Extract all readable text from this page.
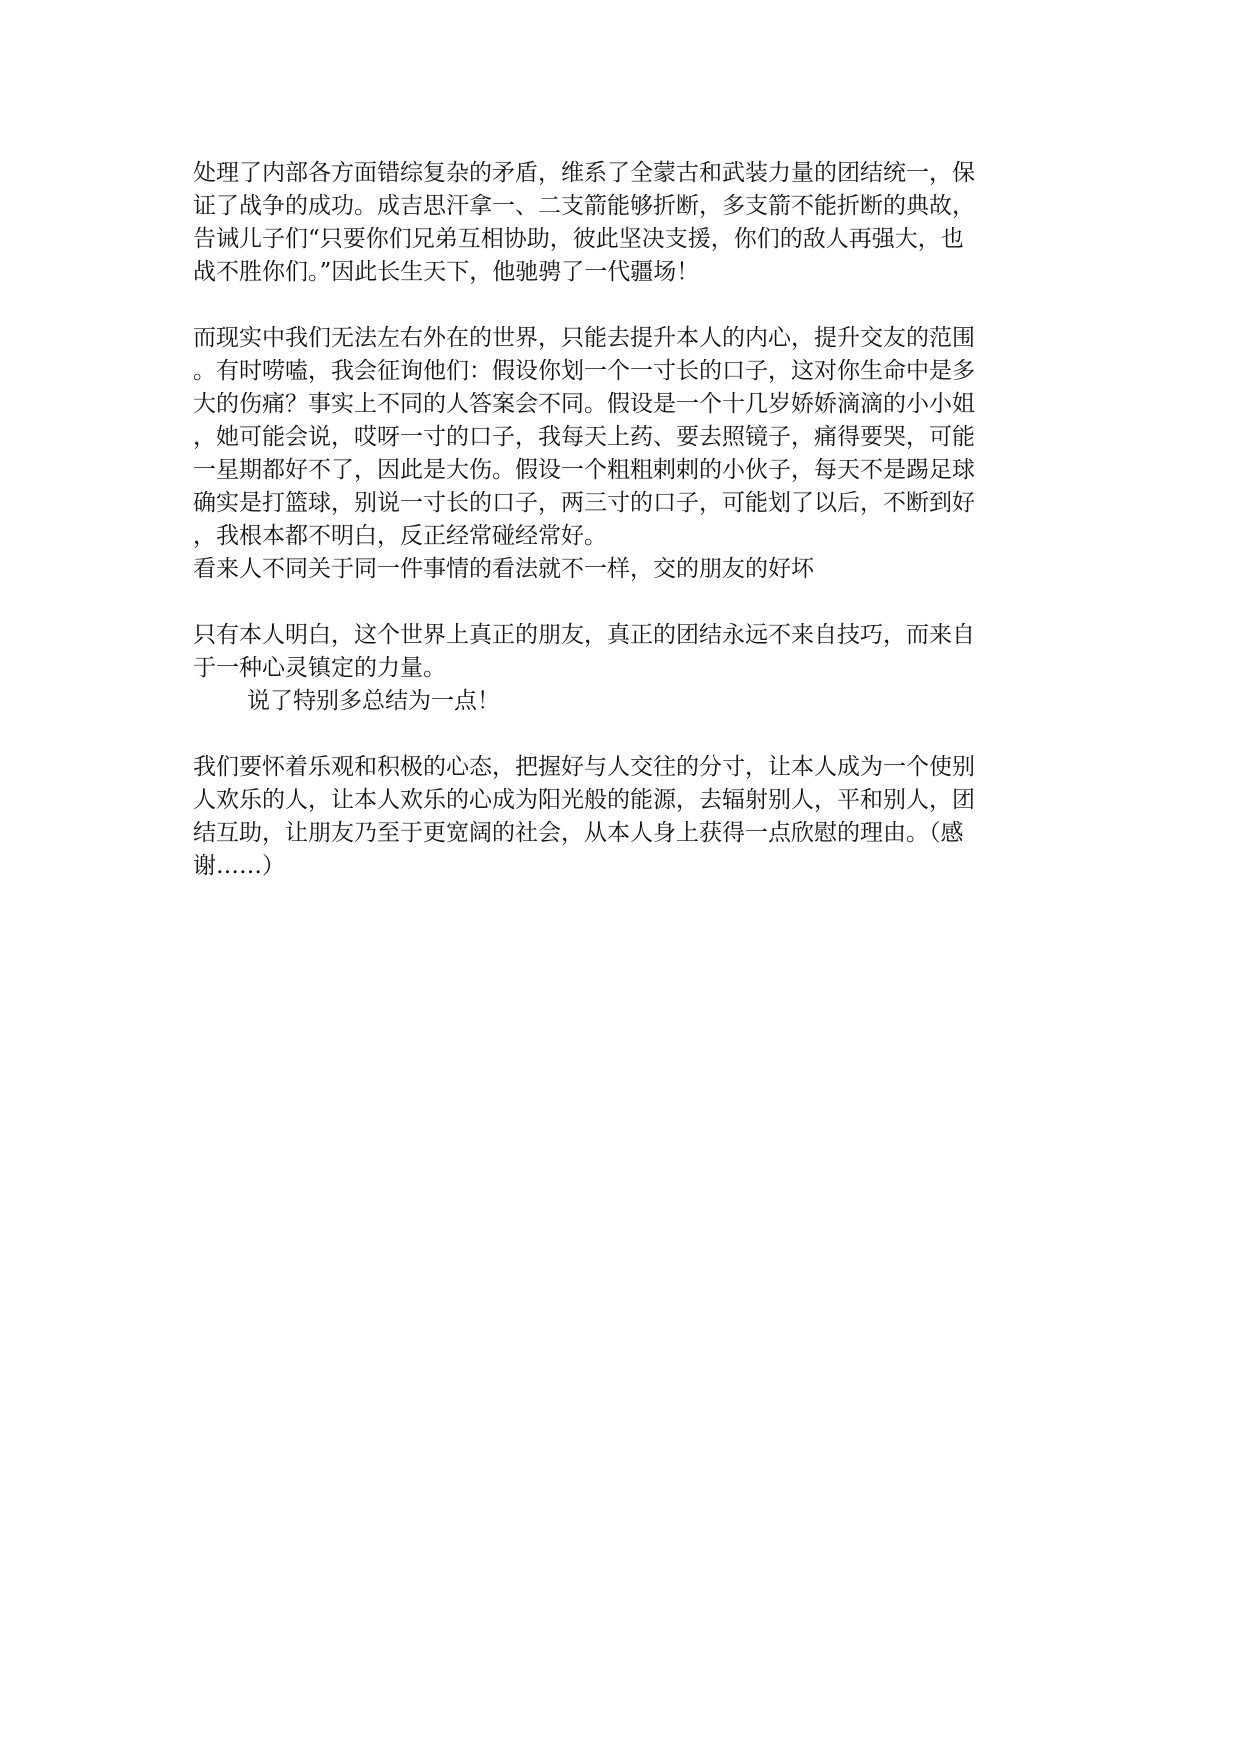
处理了内部各方面错综复杂的矛盾，维系了全蒙古和武装力量的团结统一，保
证了战争的成功。成吉思汗拿一、二支箭能够折断，多支箭不能折断的典故，
告诫儿子们“只要你们兄弟互相协助，彼此坚决支援，你们的敌人再强大，也
战不胜你们。”因此长生天下，他驰骋了一代疆场！
而现实中我们无法左右外在的世界，只能去提升本人的内心，提升交友的范围
。有时唠嗑，我会征询他们：假设你划一个一寸长的口子，这对你生命中是多
大的伤痛？事实上不同的人答案会不同。假设是一个十几岁娇娇滴滴的小小姐
，她可能会说，哎呀一寸的口子，我每天上药、要去照镜子，痛得要哭，可能
一星期都好不了，因此是大伤。假设一个粗粗剌剌的小伙子，每天不是踢足球
确实是打篮球，别说一寸长的口子，两三寸的口子，可能划了以后，不断到好
，我根本都不明白，反正经常碰经常好。
看来人不同关于同一件事情的看法就不一样，交的朋友的好坏
只有本人明白，这个世界上真正的朋友，真正的团结永远不来自技巧，而来自
于一种心灵镇定的力量。
说了特别多总结为一点！
我们要怀着乐观和积极的心态，把握好与人交往的分寸，让本人成为一个使别
人欢乐的人，让本人欢乐的心成为阳光般的能源，去辐射别人，平和别人，团
结互助，让朋友乃至于更宽阔的社会，从本人身上获得一点欣慰的理由。（感
谢……）
